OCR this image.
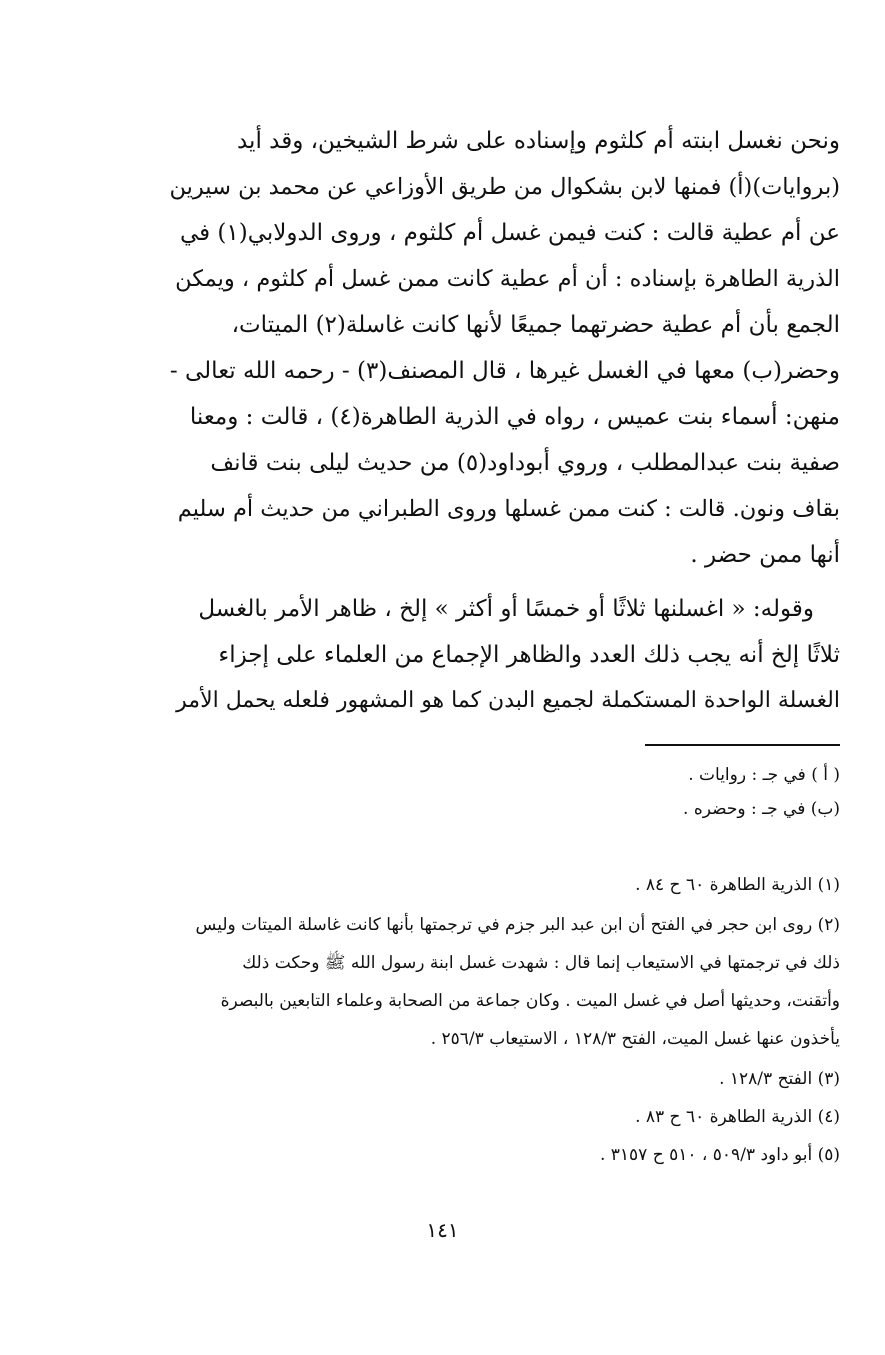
ونحن نغسل ابنته أم كلثوم وإسناده على شرط الشيخين، وقد أيد
(بروايات)(أ) فمنها لابن بشكوال من طريق الأوزاعي عن محمد بن سيرين
عن أم عطية قالت : كنت فيمن غسل أم كلثوم ، وروى الدولابي(١) في
الذرية الطاهرة بإسناده : أن أم عطية كانت ممن غسل أم كلثوم ، ويمكن
الجمع بأن أم عطية حضرتهما جميعًا لأنها كانت غاسلة(٢) الميتات،
وحضر(ب) معها في الغسل غيرها ، قال المصنف(٣) - رحمه الله تعالى -
منهن: أسماء بنت عميس ، رواه في الذرية الطاهرة(٤) ، قالت : ومعنا
صفية بنت عبدالمطلب ، وروي أبوداود(٥) من حديث ليلى بنت قانف
بقاف ونون. قالت : كنت ممن غسلها وروى الطبراني من حديث أم سليم
أنها ممن حضر .
وقوله: « اغسلنها ثلاثًا أو خمسًا أو أكثر » إلخ ، ظاهر الأمر بالغسل
ثلاثًا إلخ أنه يجب ذلك العدد والظاهر الإجماع من العلماء على إجزاء
الغسلة الواحدة المستكملة لجميع البدن كما هو المشهور فلعله يحمل الأمر
( أ ) في جـ : روايات .
(ب) في جـ : وحضره .
(١) الذرية الطاهرة ٦٠ ح ٨٤ .
(٢) روى ابن حجر في الفتح أن ابن عبد البر جزم في ترجمتها بأنها كانت غاسلة الميتات وليس
ذلك في ترجمتها في الاستيعاب إنما قال : شهدت غسل ابنة رسول الله ﷺ وحكت ذلك
وأتقنت، وحديثها أصل في غسل الميت . وكان جماعة من الصحابة وعلماء التابعين بالبصرة
يأخذون عنها غسل الميت، الفتح ١٢٨/٣ ، الاستيعاب ٢٥٦/٣ .
(٣) الفتح ١٢٨/٣ .
(٤) الذرية الطاهرة ٦٠ ح ٨٣ .
(٥) أبو داود ٥٠٩/٣ ، ٥١٠ ح ٣١٥٧ .
١٤١
